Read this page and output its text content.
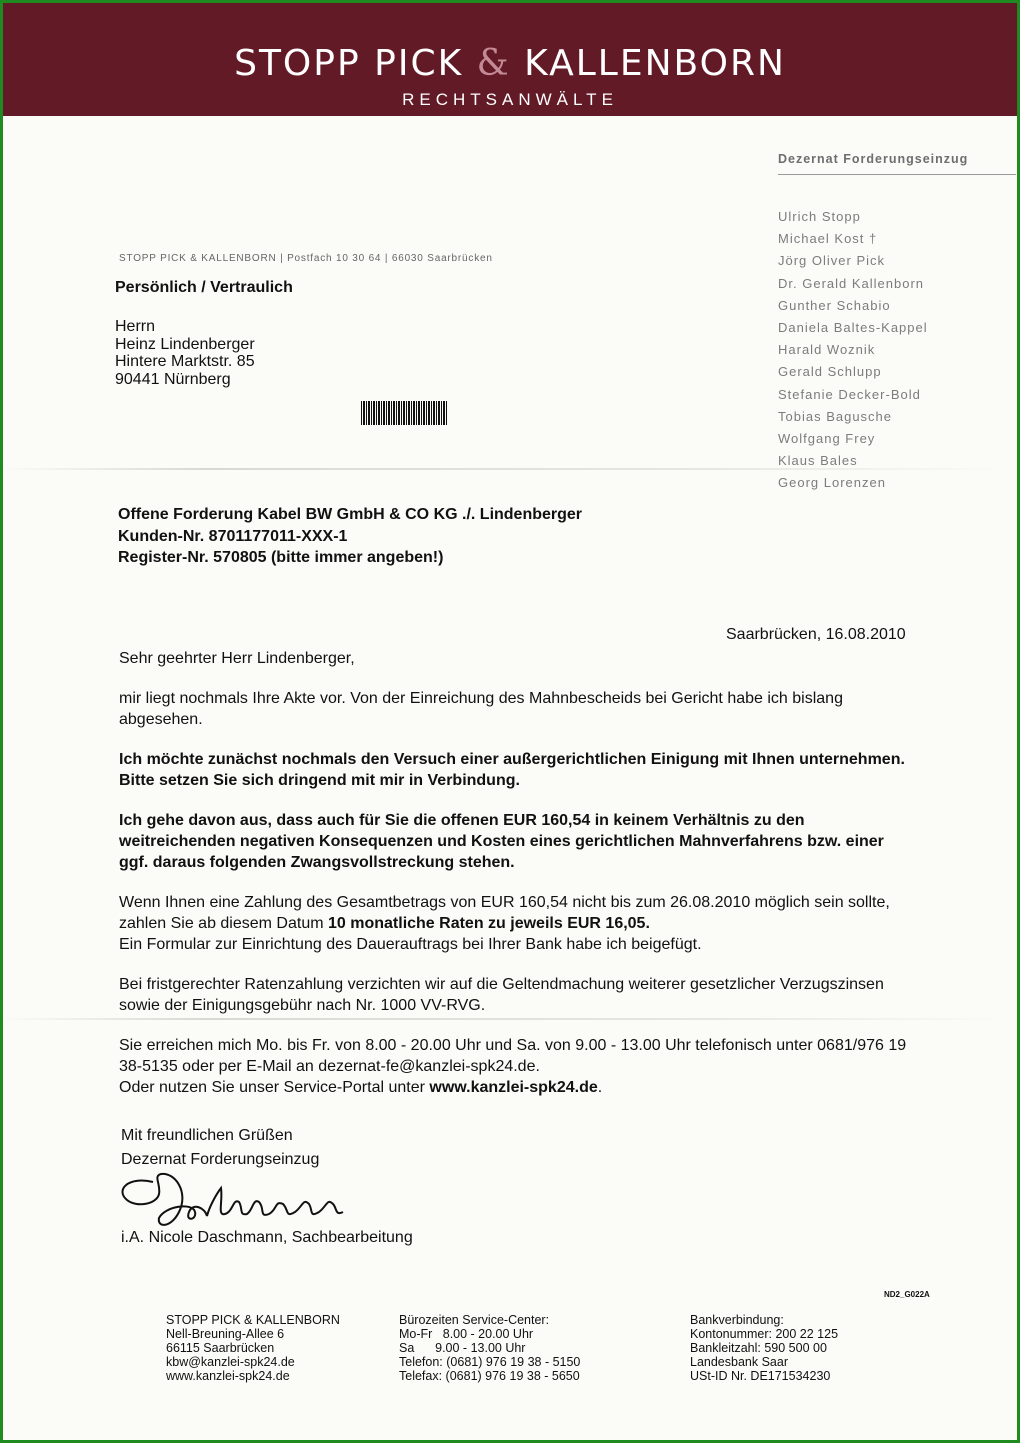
STOPP PICK & KALLENBORN
RECHTSANWÄLTE
Dezernat Forderungseinzug
Ulrich Stopp
Michael Kost †
Jörg Oliver Pick
Dr. Gerald Kallenborn
Gunther Schabio
Daniela Baltes-Kappel
Harald Woznik
Gerald Schlupp
Stefanie Decker-Bold
Tobias Bagusche
Wolfgang Frey
Klaus Bales
Georg Lorenzen
STOPP PICK & KALLENBORN | Postfach 10 30 64 | 66030 Saarbrücken
Persönlich / Vertraulich
Herrn
Heinz Lindenberger
Hintere Marktstr. 85
90441 Nürnberg
Offene Forderung Kabel BW GmbH & CO KG ./. Lindenberger
Kunden-Nr. 8701177011-XXX-1
Register-Nr. 570805 (bitte immer angeben!)
Saarbrücken, 16.08.2010
Sehr geehrter Herr Lindenberger,

mir liegt nochmals Ihre Akte vor. Von der Einreichung des Mahnbescheids bei Gericht habe ich bislang abgesehen.

Ich möchte zunächst nochmals den Versuch einer außergerichtlichen Einigung mit Ihnen unternehmen. Bitte setzen Sie sich dringend mit mir in Verbindung.

Ich gehe davon aus, dass auch für Sie die offenen EUR 160,54 in keinem Verhältnis zu den weitreichenden negativen Konsequenzen und Kosten eines gerichtlichen Mahnverfahrens bzw. einer ggf. daraus folgenden Zwangsvollstreckung stehen.

Wenn Ihnen eine Zahlung des Gesamtbetrags von EUR 160,54 nicht bis zum 26.08.2010 möglich sein sollte, zahlen Sie ab diesem Datum 10 monatliche Raten zu jeweils EUR 16,05.
Ein Formular zur Einrichtung des Dauerauftrags bei Ihrer Bank habe ich beigefügt.

Bei fristgerechter Ratenzahlung verzichten wir auf die Geltendmachung weiterer gesetzlicher Verzugszinsen sowie der Einigungsgebühr nach Nr. 1000 VV-RVG.

Sie erreichen mich Mo. bis Fr. von 8.00 - 20.00 Uhr und Sa. von 9.00 - 13.00 Uhr telefonisch unter 0681/976 19 38-5135 oder per E-Mail an dezernat-fe@kanzlei-spk24.de.
Oder nutzen Sie unser Service-Portal unter www.kanzlei-spk24.de.

Mit freundlichen Grüßen
Dezernat Forderungseinzug
i.A. Nicole Daschmann, Sachbearbeitung
ND2_G022A
STOPP PICK & KALLENBORN
Nell-Breuning-Allee 6
66115 Saarbrücken
kbw@kanzlei-spk24.de
www.kanzlei-spk24.de
Bürozeiten Service-Center:
Mo-Fr   8.00 - 20.00 Uhr
Sa      9.00 - 13.00 Uhr
Telefon: (0681) 976 19 38 - 5150
Telefax: (0681) 976 19 38 - 5650
Bankverbindung:
Kontonummer: 200 22 125
Bankleitzahl: 590 500 00
Landesbank Saar
USt-ID Nr. DE171534230
